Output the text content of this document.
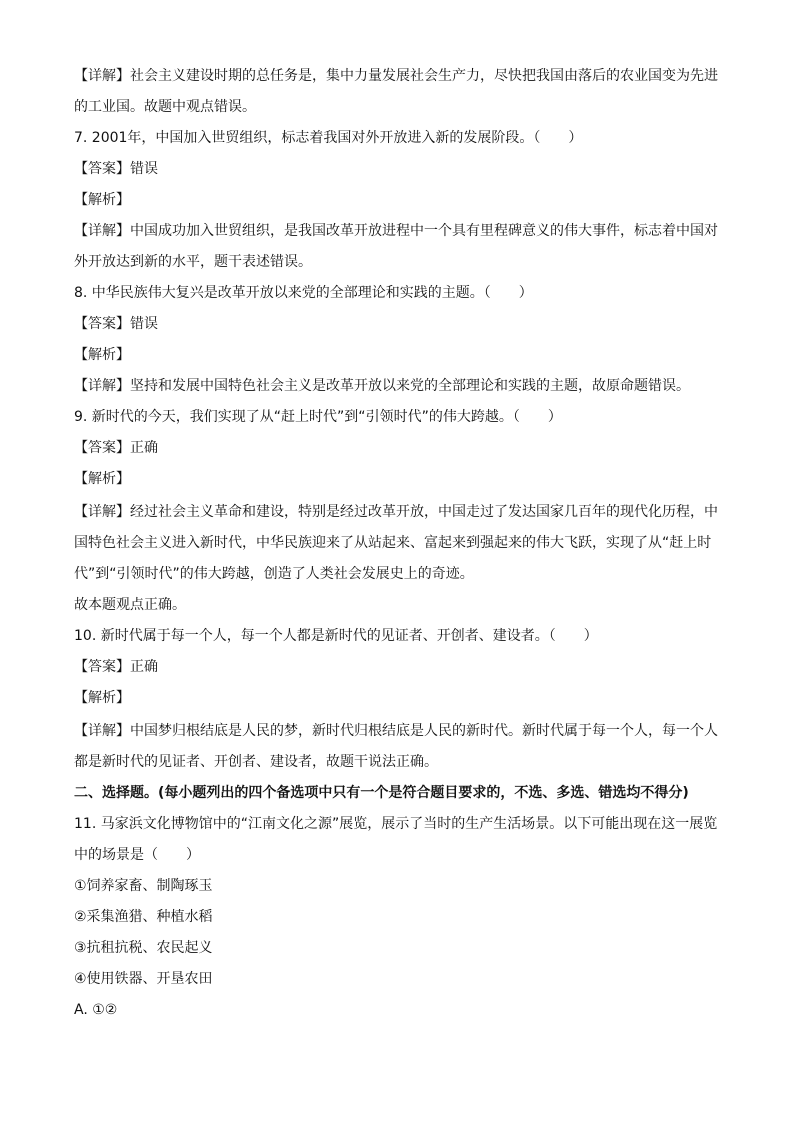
【详解】社会主义建设时期的总任务是，集中力量发展社会生产力，尽快把我国由落后的农业国变为先进
的工业国。故题中观点错误。
7. 2001年，中国加入世贸组织，标志着我国对外开放进入新的发展阶段。（　　）
【答案】错误
【解析】
【详解】中国成功加入世贸组织，是我国改革开放进程中一个具有里程碑意义的伟大事件，标志着中国对
外开放达到新的水平，题干表述错误。
8. 中华民族伟大复兴是改革开放以来党的全部理论和实践的主题。（　　）
【答案】错误
【解析】
【详解】坚持和发展中国特色社会主义是改革开放以来党的全部理论和实践的主题，故原命题错误。
9. 新时代的今天，我们实现了从“赶上时代”到“引领时代”的伟大跨越。（　　）
【答案】正确
【解析】
【详解】经过社会主义革命和建设，特别是经过改革开放，中国走过了发达国家几百年的现代化历程，中
国特色社会主义进入新时代，中华民族迎来了从站起来、富起来到强起来的伟大飞跃，实现了从“赶上时
代”到“引领时代”的伟大跨越，创造了人类社会发展史上的奇迹。
故本题观点正确。
10. 新时代属于每一个人，每一个人都是新时代的见证者、开创者、建设者。（　　）
【答案】正确
【解析】
【详解】中国梦归根结底是人民的梦，新时代归根结底是人民的新时代。新时代属于每一个人，每一个人
都是新时代的见证者、开创者、建设者，故题干说法正确。
二、选择题。(每小题列出的四个备选项中只有一个是符合题目要求的，不选、多选、错选均不得分)
11. 马家浜文化博物馆中的“江南文化之源”展览，展示了当时的生产生活场景。以下可能出现在这一展览
中的场景是（　　）
①饲养家畜、制陶琢玉
②采集渔猎、种植水稻
③抗租抗税、农民起义
④使用铁器、开垦农田
A. ①②
